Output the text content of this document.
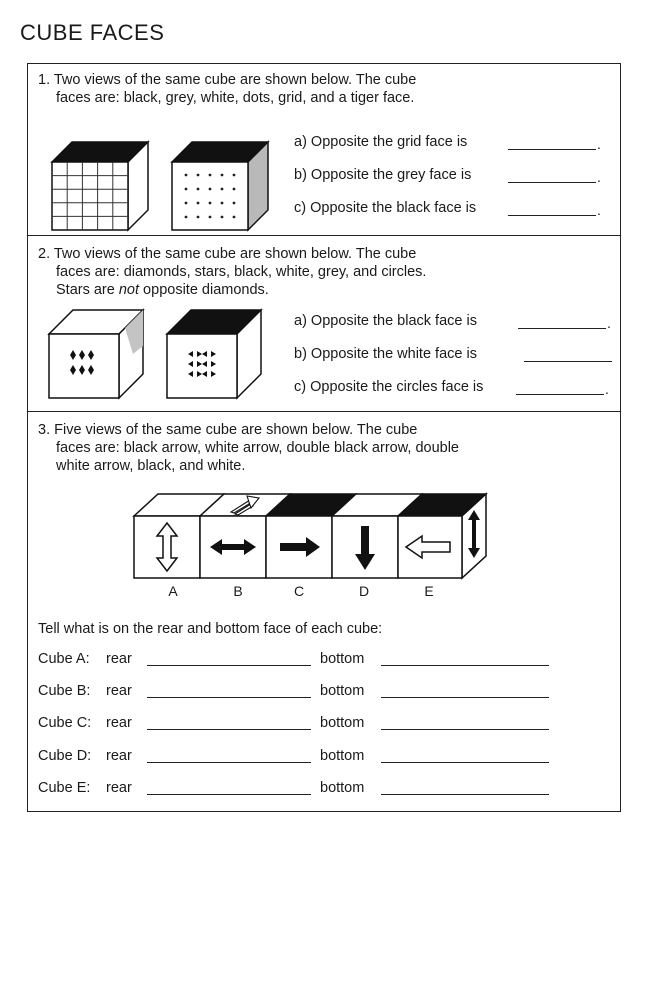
CUBE FACES
1. Two views of the same cube are shown below. The cube
faces are: black, grey, white, dots, grid, and a tiger face.
a) Opposite the grid face is	.
b) Opposite the grey face is	.
c) Opposite the black face is	.
2. Two views of the same cube are shown below. The cube
faces are: diamonds, stars, black, white, grey, and circles.
Stars are not opposite diamonds.
a) Opposite the black face is	.
b) Opposite the white face is
c) Opposite the circles face is	.
3. Five views of the same cube are shown below. The cube
faces are: black arrow, white arrow, double black arrow, double
white arrow, black, and white.
A	B	C	D	E
Tell what is on the rear and bottom face of each cube:
Cube A: rear	bottom
Cube B: rear	bottom
Cube C: rear	bottom
Cube D: rear	bottom
Cube E: rear	bottom
